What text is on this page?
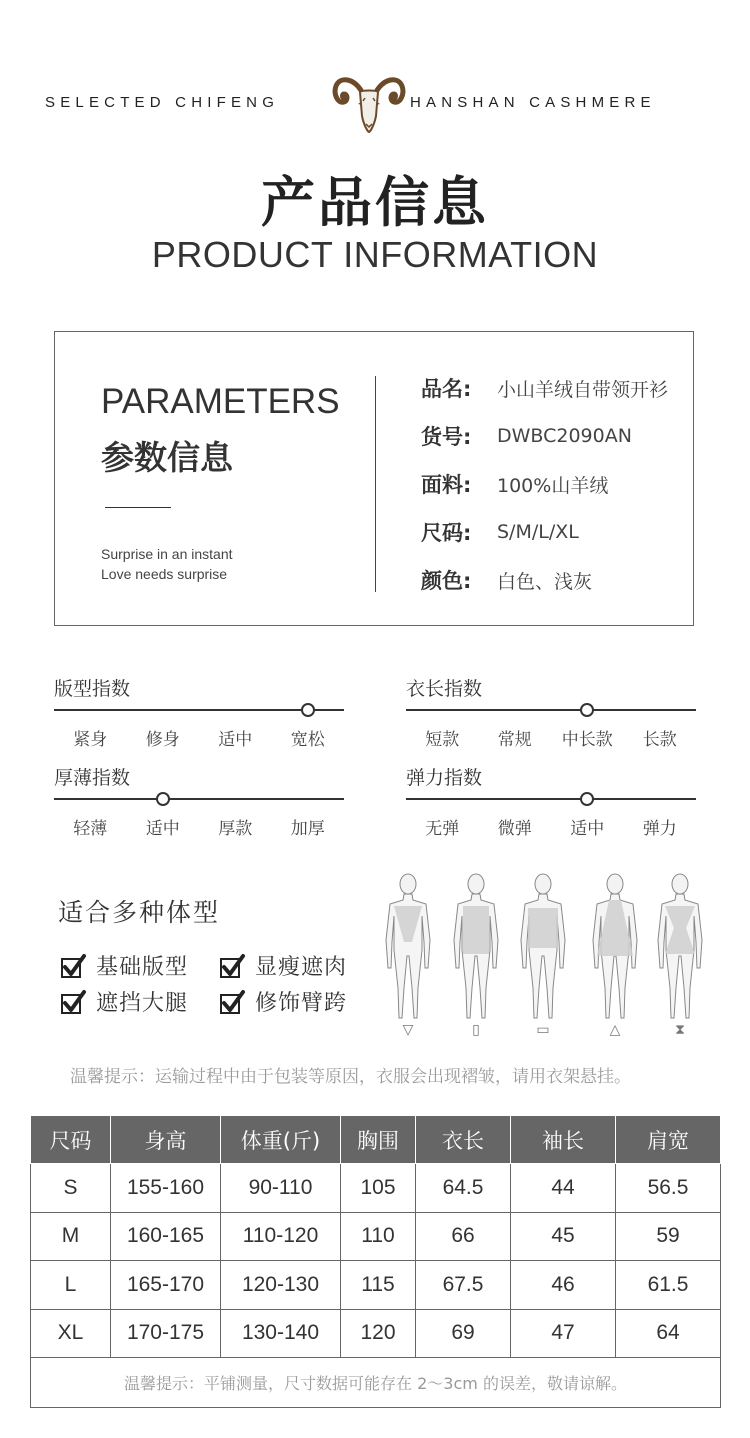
SELECTED CHIFENG	HANSHAN CASHMERE
产品信息
PRODUCT INFORMATION
PARAMETERS
参数信息
Surprise in an instant
Love needs surprise
品名:	小山羊绒自带领开衫
货号:	DWBC2090AN
面料:	100%山羊绒
尺码:	S/M/L/XL
颜色:	白色、浅灰
版型指数
紧身	修身	适中	宽松
衣长指数
短款	常规	中长款	长款
厚薄指数
轻薄	适中	厚款	加厚
弹力指数
无弹	微弹	适中	弹力
适合多种体型
基础版型	显瘦遮肉
遮挡大腿	修饰臂跨
▽	▯	▭	△	⧗
温馨提示：运输过程中由于包装等原因，衣服会出现褶皱，请用衣架悬挂。
尺码	身高	体重(斤)	胸围	衣长	袖长	肩宽
S	155-160	90-110	105	64.5	44	56.5
M	160-165	110-120	110	66	45	59
L	165-170	120-130	115	67.5	46	61.5
XL	170-175	130-140	120	69	47	64
温馨提示：平铺测量，尺寸数据可能存在 2～3cm 的误差，敬请谅解。						
